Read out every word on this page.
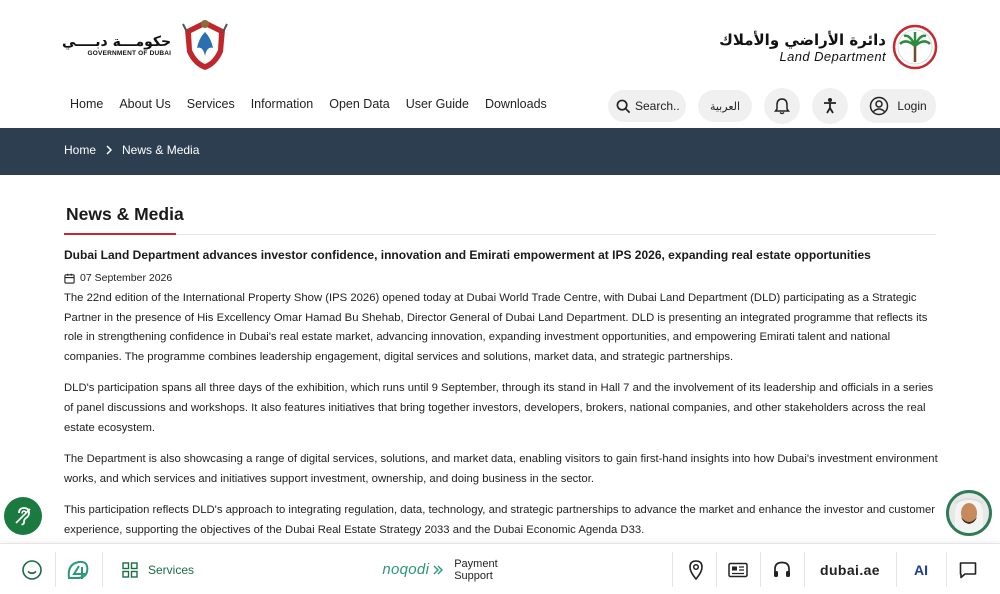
حكومـــة دبــــي
GOVERNMENT OF DUBAI
دائرة الأراضي والأملاك
Land Department
Home	About Us	Services	Information	Open Data	User Guide	Downloads	Search..	العربية	Login
Home News & Media
News & Media
Dubai Land Department advances investor confidence, innovation and Emirati empowerment at IPS 2026, expanding real estate opportunities
07 September 2026

The 22nd edition of the International Property Show (IPS 2026) opened today at Dubai World Trade Centre, with Dubai Land Department (DLD) participating as a Strategic Partner in the presence of His Excellency Omar Hamad Bu Shehab, Director General of Dubai Land Department. DLD is presenting an integrated programme that reflects its role in strengthening confidence in Dubai's real estate market, advancing innovation, expanding investment opportunities, and empowering Emirati talent and national companies. The programme combines leadership engagement, digital services and solutions, market data, and strategic partnerships.

DLD's participation spans all three days of the exhibition, which runs until 9 September, through its stand in Hall 7 and the involvement of its leadership and officials in a series of panel discussions and workshops. It also features initiatives that bring together investors, developers, brokers, national companies, and other stakeholders across the real estate ecosystem.

The Department is also showcasing a range of digital services, solutions, and market data, enabling visitors to gain first-hand insights into how Dubai's investment environment works, and which services and initiatives support investment, ownership, and doing business in the sector.

This participation reflects DLD's approach to integrating regulation, data, technology, and strategic partnerships to advance the market and enhance the investor and customer experience, supporting the objectives of the Dubai Real Estate Strategy 2033 and the Dubai Economic Agenda D33.

Services	noqodi Payment
Support	dubai.ae AI
